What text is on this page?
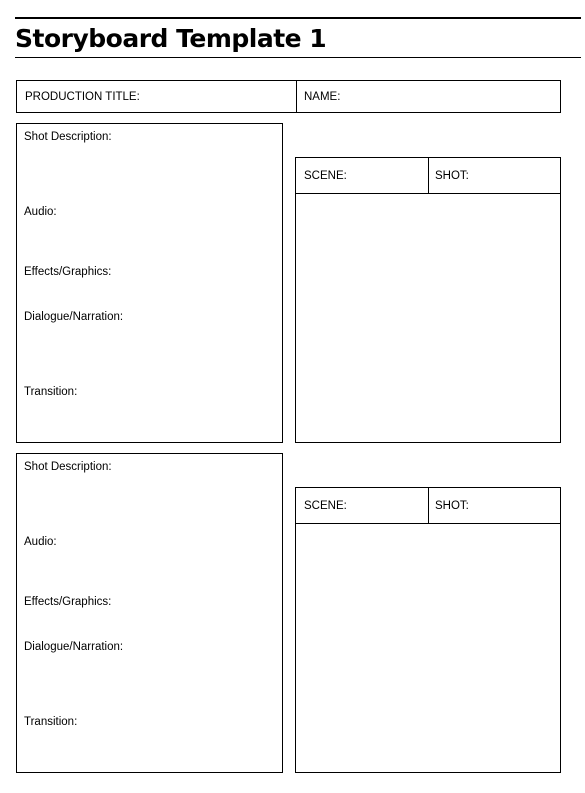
Storyboard Template 1
PRODUCTION TITLE:	NAME:
Shot Description:
Audio:
Effects/Graphics:
Dialogue/Narration:
Transition:
SCENE:	SHOT:
Shot Description:
Audio:
Effects/Graphics:
Dialogue/Narration:
Transition:
SCENE:	SHOT:
